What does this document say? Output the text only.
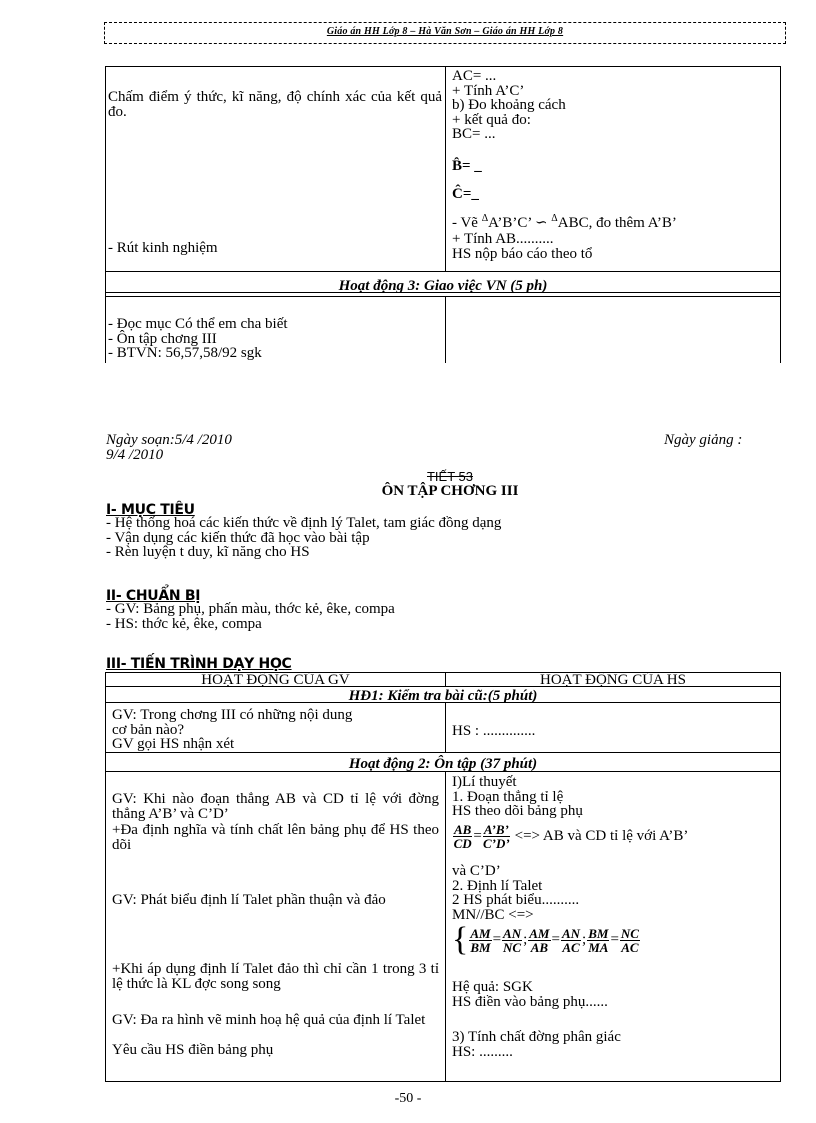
Giáo án HH Lớp 8 – Hà Văn Sơn – Giáo án HH Lớp 8
Chấm điểm ý thức, kĩ năng, độ chính xác của kết quả đo.
- Rút kinh nghiệm
AC= ...
+ Tính A’C’
b) Đo khoảng cách
+ kết quả đo:
BC= ...
B̂= _
Ĉ=_
- Vẽ $^\Delta$A’B’C’ ∽ $^\Delta$ABC, đo thêm A’B’
+ Tính AB..........
HS nộp báo cáo theo tổ
Hoạt động 3: Giao việc VN (5 ph)
- Đọc mục Có thể em cha biết
- Ôn tập chơng III
- BTVN: 56,57,58/92 sgk
Ngày soạn:5/4 /2010
9/4 /2010
Ngày giảng :
TIẾT 53
ÔN TẬP CHƠNG III
I- MỤC TIÊU
- Hệ thống hoá các kiến thức về định lý Talet, tam giác đồng dạng
- Vận dụng các kiến thức đã học vào bài tập
- Rèn luyện t duy, kĩ năng cho HS
II- CHUẨN BỊ
- GV: Bảng phụ, phấn màu, thớc kẻ, êke, compa
- HS: thớc kẻ, êke, compa
III- TIẾN TRÌNH DẠY HỌC
HOẠT ĐỘNG CỦA GV	HOẠT ĐỘNG CỦA HS
HĐ1: Kiểm tra bài cũ:(5 phút)
GV: Trong chơng III có những nội dung
cơ bản nào?
GV gọi HS nhận xét
HS : ..............
Hoạt động 2: Ôn tập (37 phút)
GV: Khi nào đoạn thẳng AB và CD tỉ lệ với đờng thẳng A’B’ và C’D’
+Đa định nghĩa và tính chất lên bảng phụ để HS theo dõi
GV: Phát biểu định lí Talet phần thuận và đảo
+Khi áp dụng định lí Talet đảo thì chỉ cần 1 trong 3 tỉ lệ thức là KL đợc song song
GV: Đa ra hình vẽ minh hoạ hệ quả của định lí Talet
Yêu cầu HS điền bảng phụ
I)Lí thuyết
1. Đoạn thẳng tỉ lệ
HS theo dõi bảng phụ
$\frac{AB}{CD} = \frac{A’B’}{C’D’}$ <=> AB và CD tỉ lệ với A’B’
và C’D’
2. Định lí Talet
2 HS phát biểu..........
MN//BC <=>
{ $\frac{AM}{BM} = \frac{AN}{NC}$ ; $\frac{AM}{AB} = \frac{AN}{AC}$ ; $\frac{BM}{MA} = \frac{NC}{AC}$
Hệ quả: SGK
HS điền vào bảng phụ......
3) Tính chất đờng phân giác
HS: .........
-50 -
